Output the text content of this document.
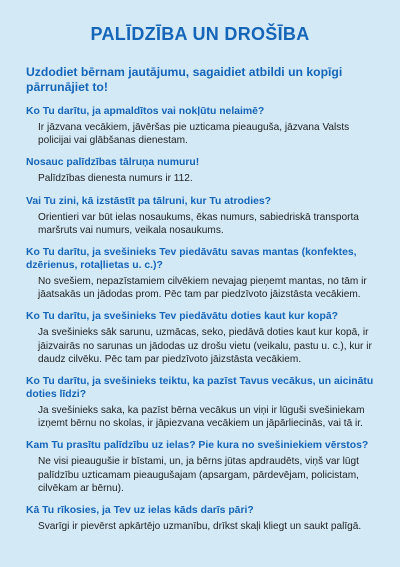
PALĪDZĪBA UN DROŠĪBA
Uzdodiet bērnam jautājumu, sagaidiet atbildi un kopīgi pārrunājiet to!
Ko Tu darītu, ja apmaldītos vai nokļūtu nelaimē?
Ir jāzvana vecākiem, jāvēršas pie uzticama pieauguša, jāzvana Valsts policijai vai glābšanas dienestam.
Nosauc palīdzības tālruņa numuru!
Palīdzības dienesta numurs ir 112.
Vai Tu zini, kā izstāstīt pa tālruni, kur Tu atrodies?
Orientieri var būt ielas nosaukums, ēkas numurs, sabiedriskā transporta maršruts vai numurs, veikala nosaukums.
Ko Tu darītu, ja svešinieks Tev piedāvātu savas mantas (konfektes, dzērienus, rotaļlietas u. c.)?
No svešiem, nepazīstamiem cilvēkiem nevajag pieņemt mantas, no tām ir jāatsakās un jādodas prom. Pēc tam par piedzīvoto jāizstāsta vecākiem.
Ko Tu darītu, ja svešinieks Tev piedāvātu doties kaut kur kopā?
Ja svešinieks sāk sarunu, uzmācas, seko, piedāvā doties kaut kur kopā, ir jāizvairās no sarunas un jādodas uz drošu vietu (veikalu, pastu u. c.), kur ir daudz cilvēku. Pēc tam par piedzīvoto jāizstāsta vecākiem.
Ko Tu darītu, ja svešinieks teiktu, ka pazīst Tavus vecākus, un aicinātu doties līdzi?
Ja svešinieks saka, ka pazīst bērna vecākus un viņi ir lūguši svešiniekam izņemt bērnu no skolas, ir jāpiezvana vecākiem un jāpārliecinās, vai tā ir.
Kam Tu prasītu palīdzību uz ielas? Pie kura no svešiniekiem vērstos?
Ne visi pieaugušie ir bīstami, un, ja bērns jūtas apdraudēts, viņš var lūgt palīdzību uzticamam pieaugušajam (apsargam, pārdevējam, policistam, cilvēkam ar bērnu).
Kā Tu rīkosies, ja Tev uz ielas kāds darīs pāri?
Svarīgi ir pievērst apkārtējo uzmanību, drīkst skaļi kliegt un saukt palīgā.
